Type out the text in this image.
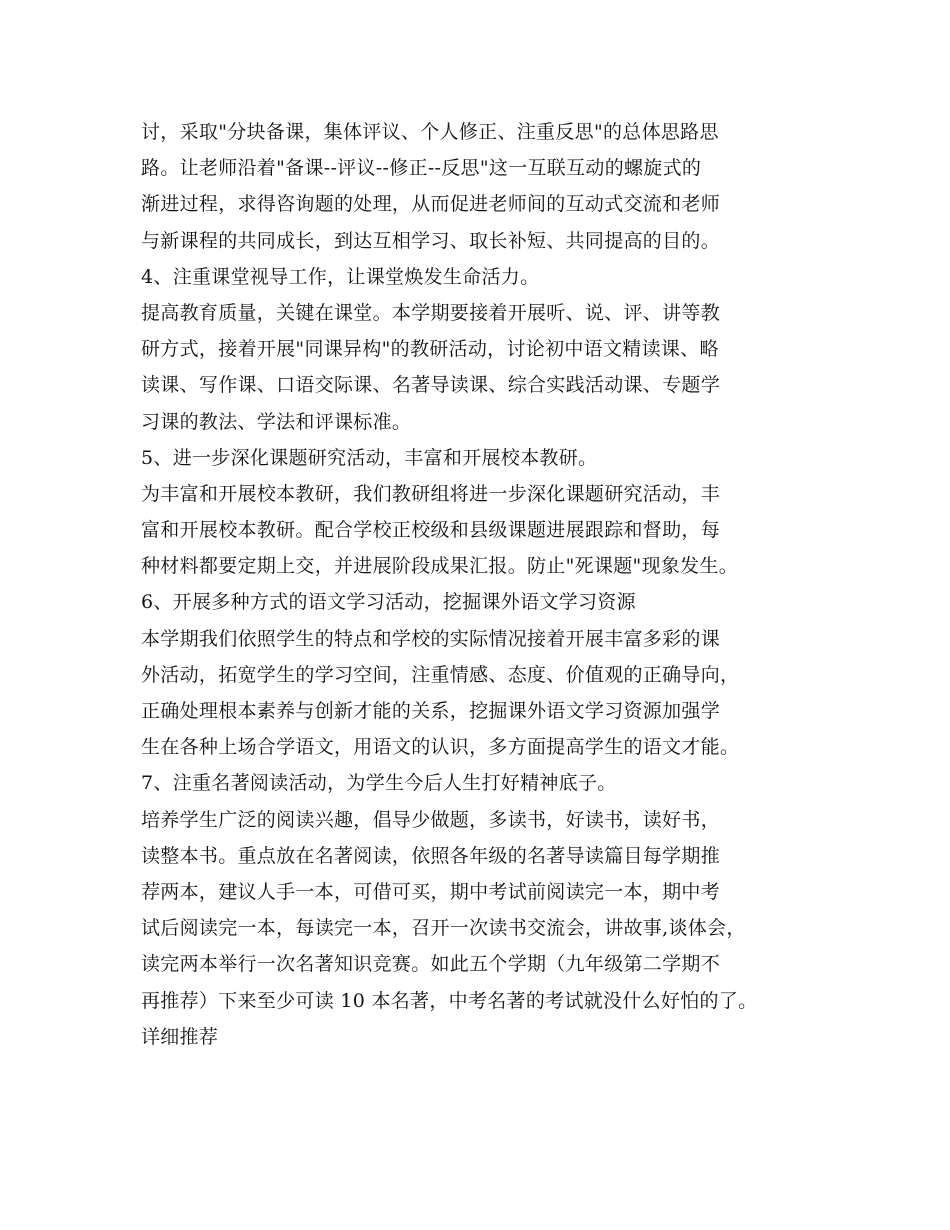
讨，采取"分块备课，集体评议、个人修正、注重反思"的总体思路思
路。让老师沿着"备课--评议--修正--反思"这一互联互动的螺旋式的
渐进过程，求得咨询题的处理，从而促进老师间的互动式交流和老师
与新课程的共同成长，到达互相学习、取长补短、共同提高的目的。
4、注重课堂视导工作，让课堂焕发生命活力。
提高教育质量，关键在课堂。本学期要接着开展听、说、评、讲等教
研方式，接着开展"同课异构"的教研活动，讨论初中语文精读课、略
读课、写作课、口语交际课、名著导读课、综合实践活动课、专题学
习课的教法、学法和评课标准。
5、进一步深化课题研究活动，丰富和开展校本教研。
为丰富和开展校本教研，我们教研组将进一步深化课题研究活动，丰
富和开展校本教研。配合学校正校级和县级课题进展跟踪和督助，每
种材料都要定期上交，并进展阶段成果汇报。防止"死课题"现象发生。
6、开展多种方式的语文学习活动，挖掘课外语文学习资源
本学期我们依照学生的特点和学校的实际情况接着开展丰富多彩的课
外活动，拓宽学生的学习空间，注重情感、态度、价值观的正确导向，
正确处理根本素养与创新才能的关系，挖掘课外语文学习资源加强学
生在各种上场合学语文，用语文的认识，多方面提高学生的语文才能。
7、注重名著阅读活动，为学生今后人生打好精神底子。
培养学生广泛的阅读兴趣，倡导少做题，多读书，好读书，读好书，
读整本书。重点放在名著阅读，依照各年级的名著导读篇目每学期推
荐两本，建议人手一本，可借可买，期中考试前阅读完一本，期中考
试后阅读完一本，每读完一本，召开一次读书交流会，讲故事,谈体会，
读完两本举行一次名著知识竞赛。如此五个学期（九年级第二学期不
再推荐）下来至少可读 10 本名著，中考名著的考试就没什么好怕的了。
详细推荐
